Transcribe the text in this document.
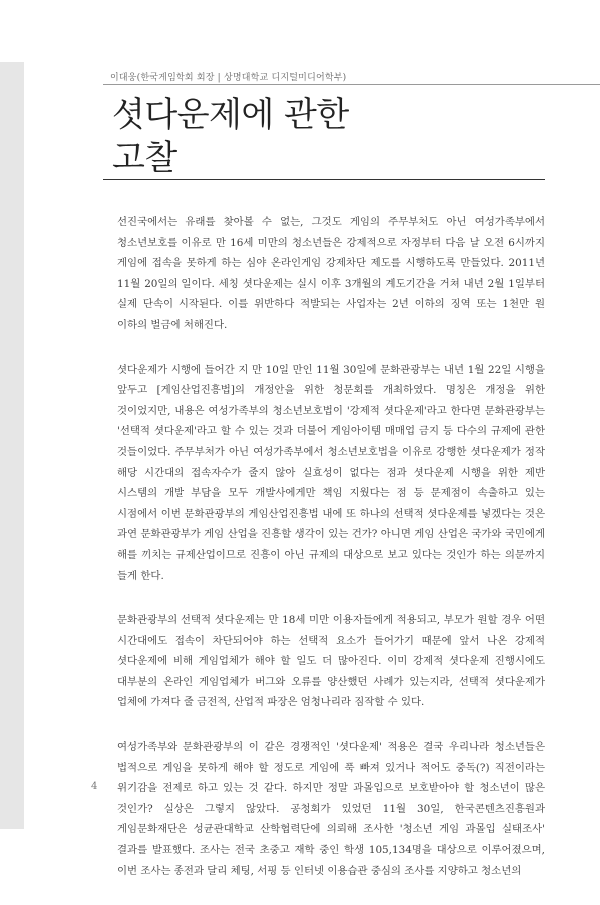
이대웅(한국게임학회 회장 | 상명대학교 디지털미디어학부)
셧다운제에 관한
고찰

선진국에서는 유래를 찾아볼 수 없는, 그것도 게임의 주무부처도 아닌 여성가족부에서 청소년보호를 이유로 만 16세 미만의 청소년들은 강제적으로 자정부터 다음 날 오전 6시까지 게임에 접속을 못하게 하는 심야 온라인게임 강제차단 제도를 시행하도록 만들었다. 2011년 11월 20일의 일이다. 세칭 셧다운제는 실시 이후 3개월의 계도기간을 거쳐 내년 2월 1일부터 실제 단속이 시작된다. 이를 위반하다 적발되는 사업자는 2년 이하의 징역 또는 1천만 원 이하의 벌금에 처해진다.

셧다운제가 시행에 들어간 지 만 10일 만인 11월 30일에 문화관광부는 내년 1월 22일 시행을 앞두고 [게임산업진흥법]의 개정안을 위한 청문회를 개최하였다. 명칭은 개정을 위한 것이었지만, 내용은 여성가족부의 청소년보호법이 '강제적 셧다운제'라고 한다면 문화관광부는 '선택적 셧다운제'라고 할 수 있는 것과 더불어 게임아이템 매매업 금지 등 다수의 규제에 관한 것들이었다. 주무부처가 아닌 여성가족부에서 청소년보호법을 이유로 강행한 셧다운제가 정작 해당 시간대의 접속자수가 줄지 않아 실효성이 없다는 점과 셧다운제 시행을 위한 제반 시스템의 개발 부담을 모두 개발사에게만 책임 지웠다는 점 등 문제점이 속출하고 있는 시점에서 이번 문화관광부의 게임산업진흥법 내에 또 하나의 선택적 셧다운제를 넣겠다는 것은 과연 문화관광부가 게임 산업을 진흥할 생각이 있는 건가? 아니면 게임 산업은 국가와 국민에게 해를 끼치는 규제산업이므로 진흥이 아닌 규제의 대상으로 보고 있다는 것인가 하는 의문까지 들게 한다.

문화관광부의 선택적 셧다운제는 만 18세 미만 이용자들에게 적용되고, 부모가 원할 경우 어떤 시간대에도 접속이 차단되어야 하는 선택적 요소가 들어가기 때문에 앞서 나온 강제적 셧다운제에 비해 게임업체가 해야 할 일도 더 많아진다. 이미 강제적 셧다운제 진행시에도 대부분의 온라인 게임업체가 버그와 오류를 양산했던 사례가 있는지라, 선택적 셧다운제가 업체에 가져다 줄 금전적, 산업적 파장은 엄청나리라 짐작할 수 있다.

여성가족부와 문화관광부의 이 같은 경쟁적인 '셧다운제' 적용은 결국 우리나라 청소년들은 법적으로 게임을 못하게 해야 할 정도로 게임에 푹 빠져 있거나 적어도 중독(?) 직전이라는 위기감을 전제로 하고 있는 것 같다. 하지만 정말 과몰입으로 보호받아야 할 청소년이 많은 것인가? 실상은 그렇지 않았다. 공청회가 있었던 11월 30일, 한국콘텐츠진흥원과 게임문화재단은 성균관대학교 산학협력단에 의뢰해 조사한 '청소년 게임 과몰입 실태조사' 결과를 발표했다. 조사는 전국 초중고 재학 중인 학생 105,134명을 대상으로 이루어졌으며, 이번 조사는 종전과 달리 체팅, 서핑 등 인터넷 이용습관 중심의 조사를 지양하고 청소년의

4
